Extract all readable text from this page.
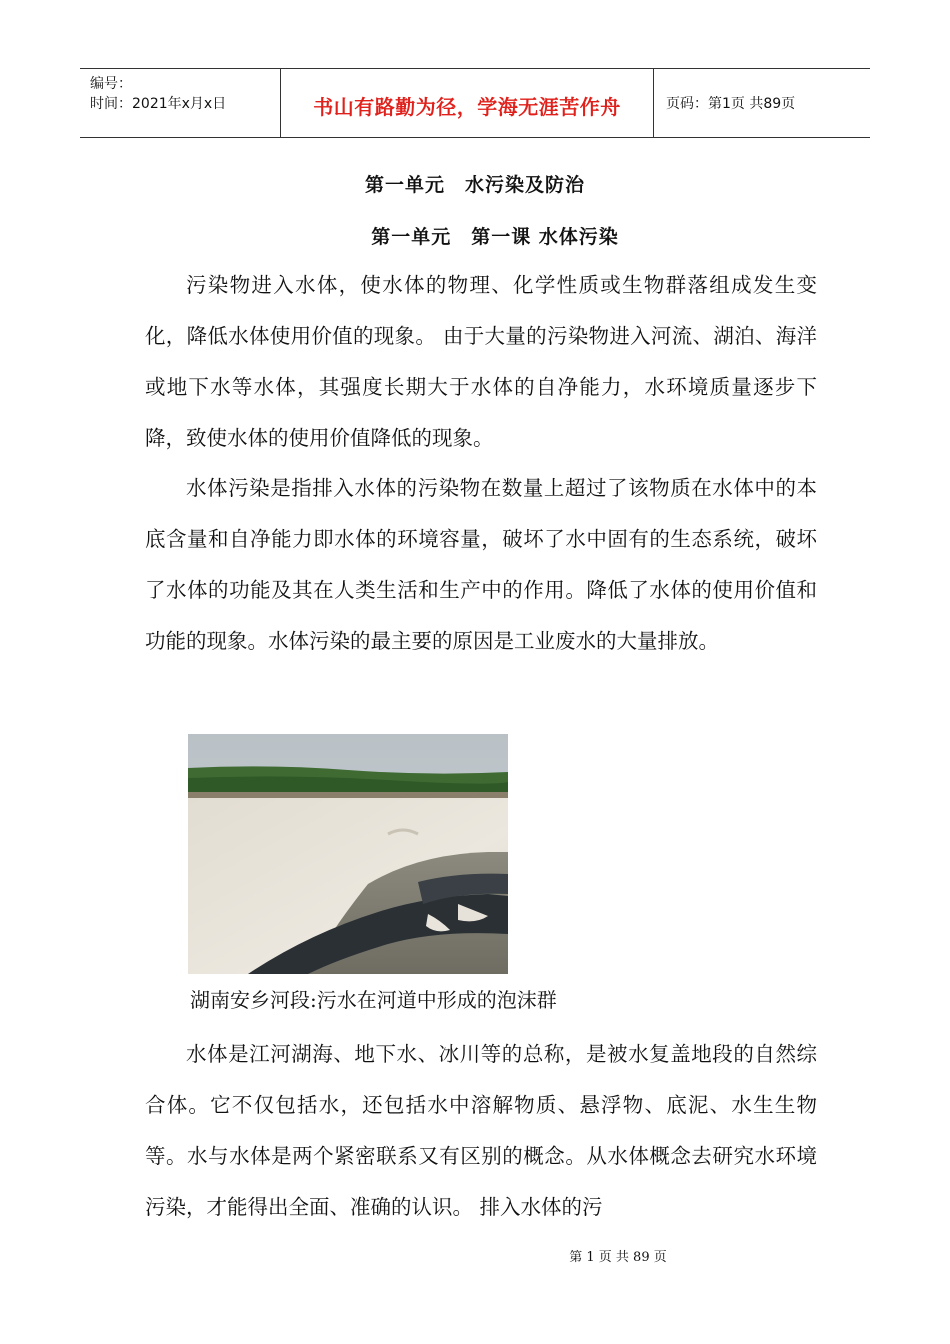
编号：
时间：2021年x月x日	书山有路勤为径，学海无涯苦作舟	页码：第1页 共89页
第一单元　水污染及防治
第一单元　第一课 水体污染
污染物进入水体，使水体的物理、化学性质或生物群落组成发生变化，降低水体使用价值的现象。 由于大量的污染物进入河流、湖泊、海洋或地下水等水体，其强度长期大于水体的自净能力，水环境质量逐步下降，致使水体的使用价值降低的现象。
水体污染是指排入水体的污染物在数量上超过了该物质在水体中的本底含量和自净能力即水体的环境容量，破坏了水中固有的生态系统，破坏了水体的功能及其在人类生活和生产中的作用。降低了水体的使用价值和功能的现象。水体污染的最主要的原因是工业废水的大量排放。
湖南安乡河段:污水在河道中形成的泡沫群
水体是江河湖海、地下水、冰川等的总称，是被水复盖地段的自然综合体。它不仅包括水，还包括水中溶解物质、悬浮物、底泥、水生生物等。水与水体是两个紧密联系又有区别的概念。从水体概念去研究水环境污染，才能得出全面、准确的认识。 排入水体的污
第 1 页 共 89 页
